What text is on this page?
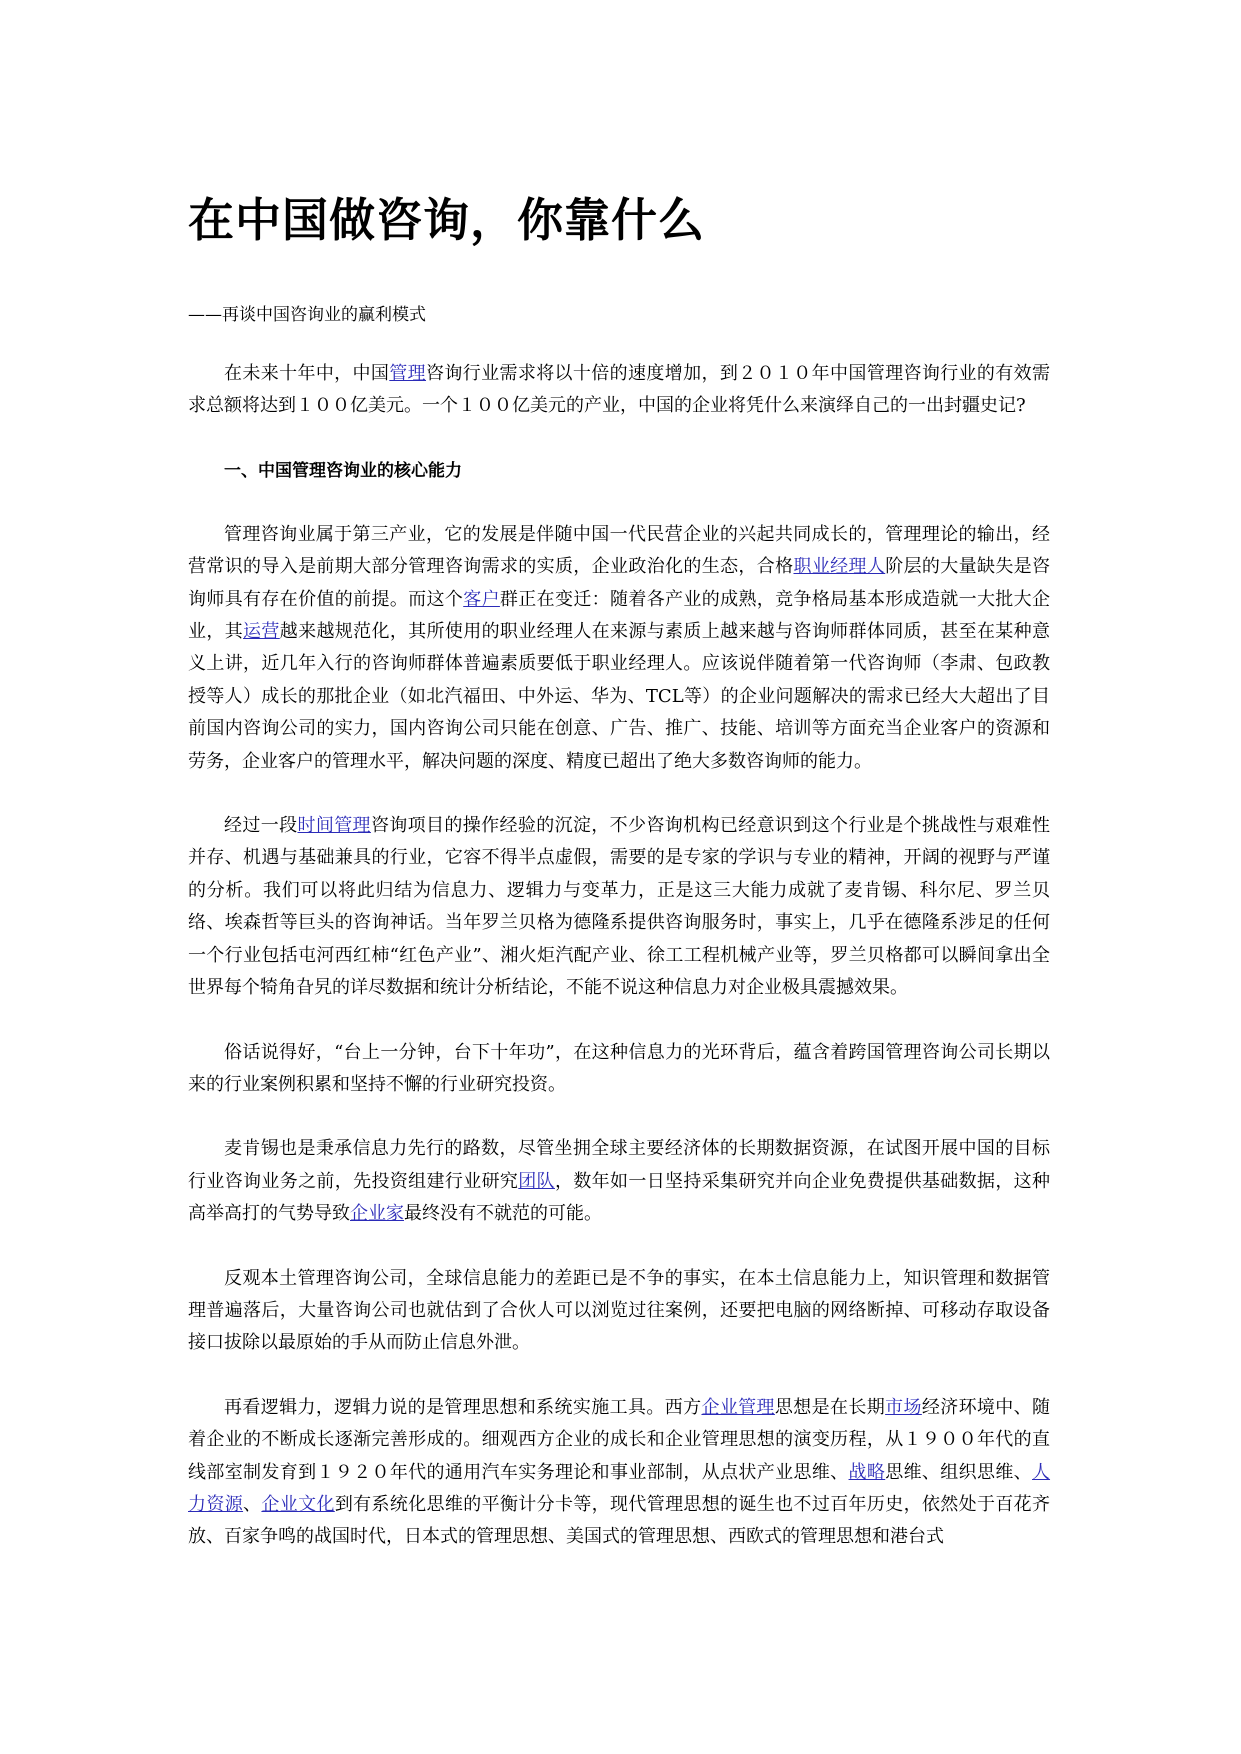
在中国做咨询，你靠什么
——再谈中国咨询业的赢利模式

在未来十年中，中国管理咨询行业需求将以十倍的速度增加，到２０１０年中国管理咨询行业的有效需求总额将达到１００亿美元。一个１００亿美元的产业，中国的企业将凭什么来演绎自己的一出封疆史记?

一、中国管理咨询业的核心能力

管理咨询业属于第三产业，它的发展是伴随中国一代民营企业的兴起共同成长的，管理理论的输出，经营常识的导入是前期大部分管理咨询需求的实质，企业政治化的生态，合格职业经理人阶层的大量缺失是咨询师具有存在价值的前提。而这个客户群正在变迁：随着各产业的成熟，竞争格局基本形成造就一大批大企业，其运营越来越规范化，其所使用的职业经理人在来源与素质上越来越与咨询师群体同质，甚至在某种意义上讲，近几年入行的咨询师群体普遍素质要低于职业经理人。应该说伴随着第一代咨询师（李肃、包政教授等人）成长的那批企业（如北汽福田、中外运、华为、TCL等）的企业问题解决的需求已经大大超出了目前国内咨询公司的实力，国内咨询公司只能在创意、广告、推广、技能、培训等方面充当企业客户的资源和劳务，企业客户的管理水平，解决问题的深度、精度已超出了绝大多数咨询师的能力。

经过一段时间管理咨询项目的操作经验的沉淀，不少咨询机构已经意识到这个行业是个挑战性与艰难性并存、机遇与基础兼具的行业，它容不得半点虚假，需要的是专家的学识与专业的精神，开阔的视野与严谨的分析。我们可以将此归结为信息力、逻辑力与变革力，正是这三大能力成就了麦肯锡、科尔尼、罗兰贝络、埃森哲等巨头的咨询神话。当年罗兰贝格为德隆系提供咨询服务时，事实上，几乎在德隆系涉足的任何一个行业包括屯河西红柿“红色产业”、湘火炬汽配产业、徐工工程机械产业等，罗兰贝格都可以瞬间拿出全世界每个犄角旮旯的详尽数据和统计分析结论，不能不说这种信息力对企业极具震撼效果。

俗话说得好，“台上一分钟，台下十年功”，在这种信息力的光环背后，蕴含着跨国管理咨询公司长期以来的行业案例积累和坚持不懈的行业研究投资。

麦肯锡也是秉承信息力先行的路数，尽管坐拥全球主要经济体的长期数据资源，在试图开展中国的目标行业咨询业务之前，先投资组建行业研究团队，数年如一日坚持采集研究并向企业免费提供基础数据，这种高举高打的气势导致企业家最终没有不就范的可能。

反观本土管理咨询公司，全球信息能力的差距已是不争的事实，在本土信息能力上，知识管理和数据管理普遍落后，大量咨询公司也就估到了合伙人可以浏览过往案例，还要把电脑的网络断掉、可移动存取设备接口拔除以最原始的手从而防止信息外泄。

再看逻辑力，逻辑力说的是管理思想和系统实施工具。西方企业管理思想是在长期市场经济环境中、随着企业的不断成长逐渐完善形成的。细观西方企业的成长和企业管理思想的演变历程，从１９００年代的直线部室制发育到１９２０年代的通用汽车实务理论和事业部制，从点状产业思维、战略思维、组织思维、人力资源、企业文化到有系统化思维的平衡计分卡等，现代管理思想的诞生也不过百年历史，依然处于百花齐放、百家争鸣的战国时代，日本式的管理思想、美国式的管理思想、西欧式的管理思想和港台式
